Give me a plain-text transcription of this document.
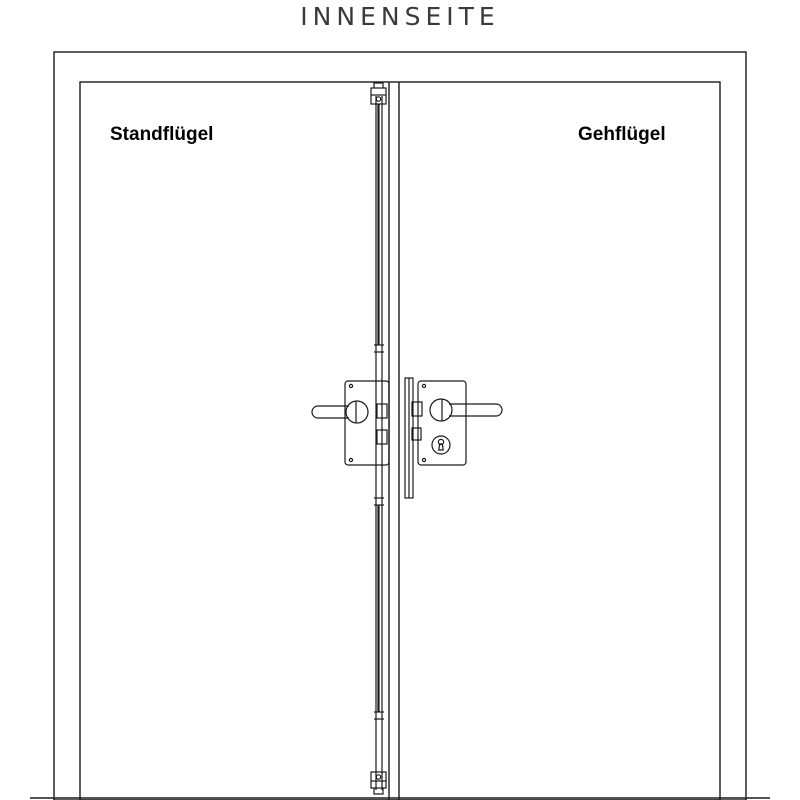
INNENSEITE
Standflügel	Gehflügel
